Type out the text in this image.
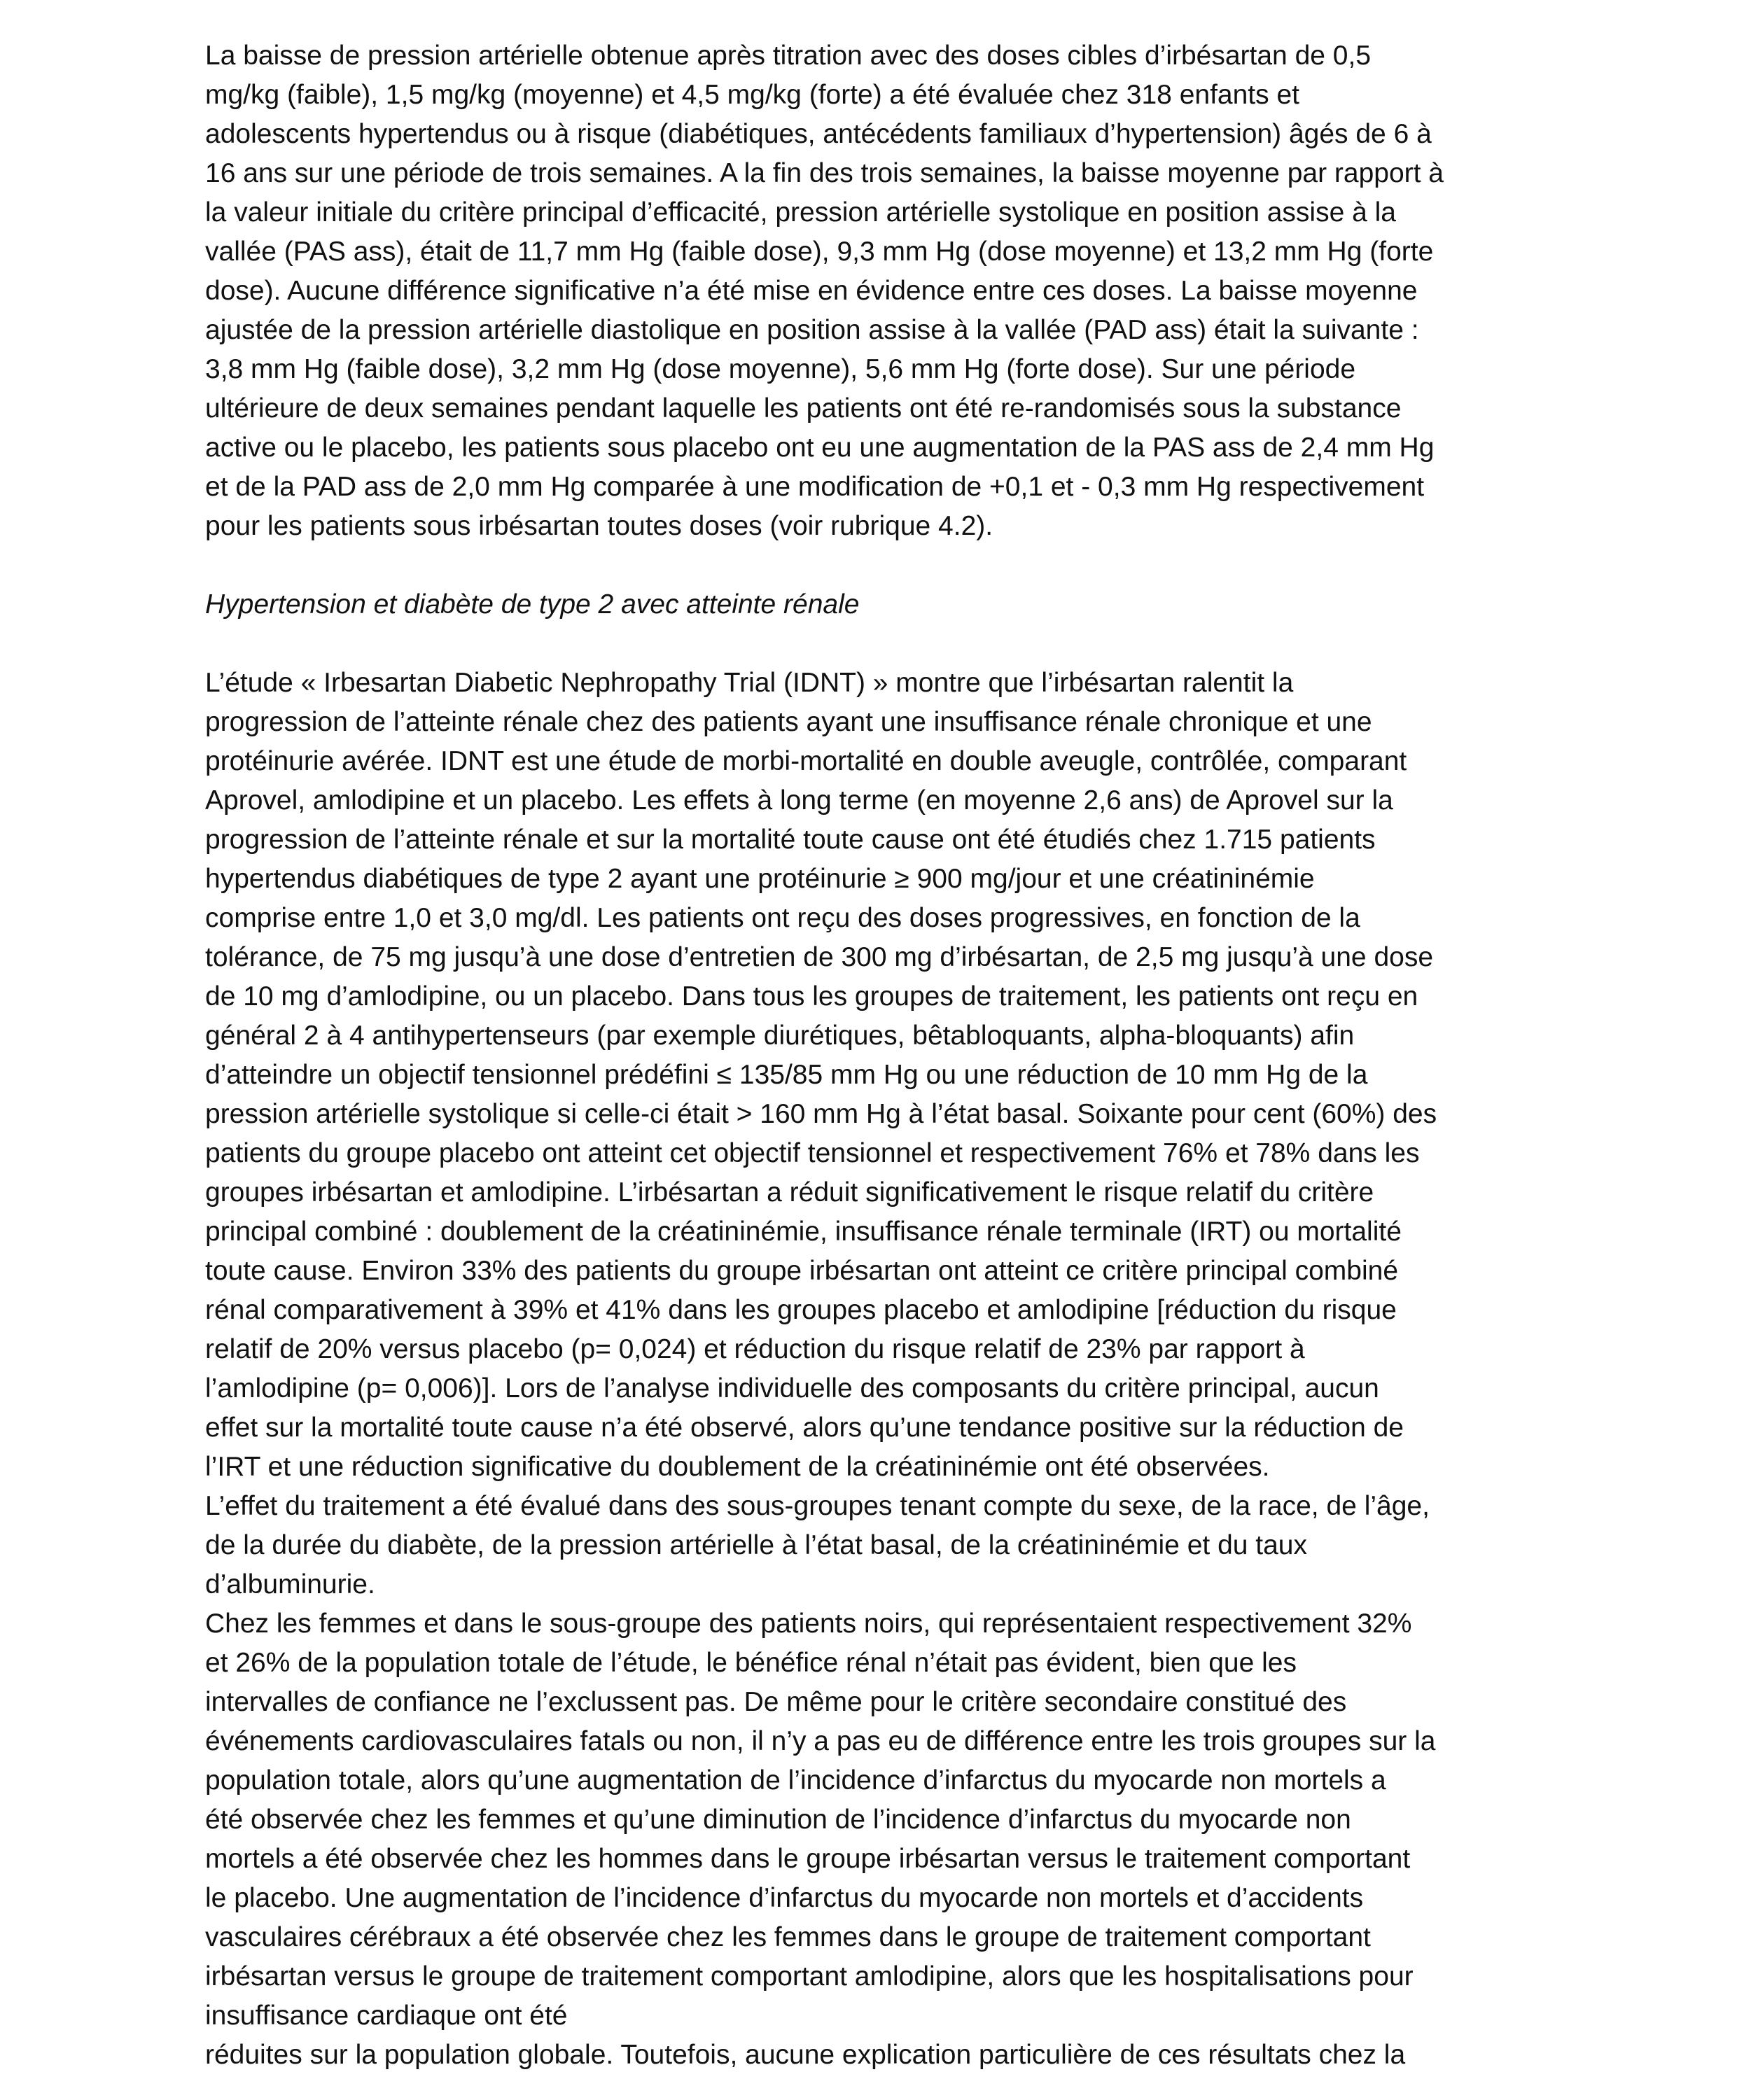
La baisse de pression artérielle obtenue après titration avec des doses cibles d’irbésartan de 0,5
mg/kg (faible), 1,5 mg/kg (moyenne) et 4,5 mg/kg (forte) a été évaluée chez 318 enfants et
adolescents hypertendus ou à risque (diabétiques, antécédents familiaux d’hypertension) âgés de 6 à
16 ans sur une période de trois semaines. A la fin des trois semaines, la baisse moyenne par rapport à
la valeur initiale du critère principal d’efficacité, pression artérielle systolique en position assise à la
vallée (PAS ass), était de 11,7 mm Hg (faible dose), 9,3 mm Hg (dose moyenne) et 13,2 mm Hg (forte
dose). Aucune différence significative n’a été mise en évidence entre ces doses. La baisse moyenne
ajustée de la pression artérielle diastolique en position assise à la vallée (PAD ass) était la suivante :
3,8 mm Hg (faible dose), 3,2 mm Hg (dose moyenne), 5,6 mm Hg (forte dose). Sur une période
ultérieure de deux semaines pendant laquelle les patients ont été re-randomisés sous la substance
active ou le placebo, les patients sous placebo ont eu une augmentation de la PAS ass de 2,4 mm Hg
et de la PAD ass de 2,0 mm Hg comparée à une modification de +0,1 et - 0,3 mm Hg respectivement
pour les patients sous irbésartan toutes doses (voir rubrique 4.2).

Hypertension et diabète de type 2 avec atteinte rénale

L’étude « Irbesartan Diabetic Nephropathy Trial (IDNT) » montre que l’irbésartan ralentit la
progression de l’atteinte rénale chez des patients ayant une insuffisance rénale chronique et une
protéinurie avérée. IDNT est une étude de morbi-mortalité en double aveugle, contrôlée, comparant
Aprovel, amlodipine et un placebo. Les effets à long terme (en moyenne 2,6 ans) de Aprovel sur la
progression de l’atteinte rénale et sur la mortalité toute cause ont été étudiés chez 1.715 patients
hypertendus diabétiques de type 2 ayant une protéinurie ≥ 900 mg/jour et une créatininémie
comprise entre 1,0 et 3,0 mg/dl. Les patients ont reçu des doses progressives, en fonction de la
tolérance, de 75 mg jusqu’à une dose d’entretien de 300 mg d’irbésartan, de 2,5 mg jusqu’à une dose
de 10 mg d’amlodipine, ou un placebo. Dans tous les groupes de traitement, les patients ont reçu en
général 2 à 4 antihypertenseurs (par exemple diurétiques, bêtabloquants, alpha-bloquants) afin
d’atteindre un objectif tensionnel prédéfini ≤ 135/85 mm Hg ou une réduction de 10 mm Hg de la
pression artérielle systolique si celle-ci était > 160 mm Hg à l’état basal. Soixante pour cent (60%) des
patients du groupe placebo ont atteint cet objectif tensionnel et respectivement 76% et 78% dans les
groupes irbésartan et amlodipine. L’irbésartan a réduit significativement le risque relatif du critère
principal combiné : doublement de la créatininémie, insuffisance rénale terminale (IRT) ou mortalité
toute cause. Environ 33% des patients du groupe irbésartan ont atteint ce critère principal combiné
rénal comparativement à 39% et 41% dans les groupes placebo et amlodipine [réduction du risque
relatif de 20% versus placebo (p= 0,024) et réduction du risque relatif de 23% par rapport à
l’amlodipine (p= 0,006)]. Lors de l’analyse individuelle des composants du critère principal, aucun
effet sur la mortalité toute cause n’a été observé, alors qu’une tendance positive sur la réduction de
l’IRT et une réduction significative du doublement de la créatininémie ont été observées.

L’effet du traitement a été évalué dans des sous-groupes tenant compte du sexe, de la race, de l’âge,
de la durée du diabète, de la pression artérielle à l’état basal, de la créatininémie et du taux
d’albuminurie.

Chez les femmes et dans le sous-groupe des patients noirs, qui représentaient respectivement 32%
et 26% de la population totale de l’étude, le bénéfice rénal n’était pas évident, bien que les
intervalles de confiance ne l’exclussent pas. De même pour le critère secondaire constitué des
événements cardiovasculaires fatals ou non, il n’y a pas eu de différence entre les trois groupes sur la
population totale, alors qu’une augmentation de l’incidence d’infarctus du myocarde non mortels a
été observée chez les femmes et qu’une diminution de l’incidence d’infarctus du myocarde non
mortels a été observée chez les hommes dans le groupe irbésartan versus le traitement comportant
le placebo. Une augmentation de l’incidence d’infarctus du myocarde non mortels et d’accidents
vasculaires cérébraux a été observée chez les femmes dans le groupe de traitement comportant
irbésartan versus le groupe de traitement comportant amlodipine, alors que les hospitalisations pour
insuffisance cardiaque ont été
réduites sur la population globale. Toutefois, aucune explication particulière de ces résultats chez la
